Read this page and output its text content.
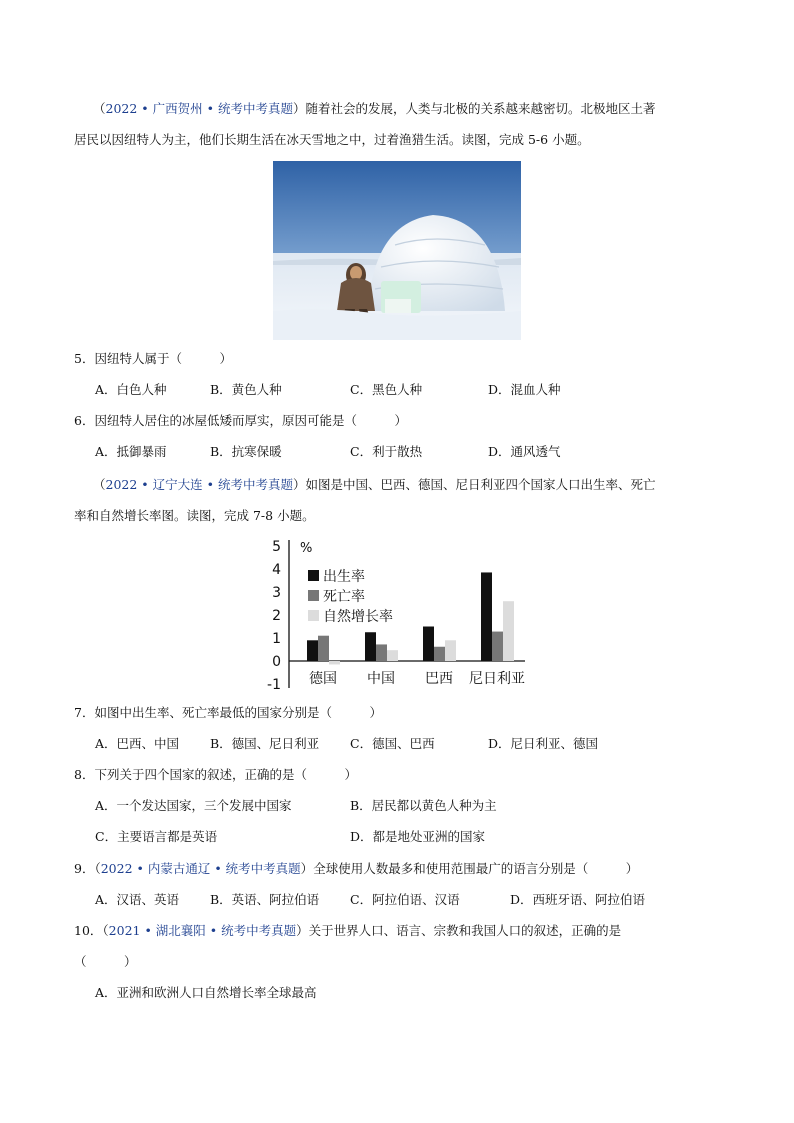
（2022 • 广西贺州 • 统考中考真题）随着社会的发展，人类与北极的关系越来越密切。北极地区土著
居民以因纽特人为主，他们长期生活在冰天雪地之中，过着渔猎生活。读图，完成 5-6 小题。
5．因纽特人属于（　　　）
A．白色人种	B．黄色人种	C．黑色人种	D．混血人种
6．因纽特人居住的冰屋低矮而厚实，原因可能是（　　　）
A．抵御暴雨	B．抗寒保暖	C．利于散热	D．通风透气
（2022 • 辽宁大连 • 统考中考真题）如图是中国、巴西、德国、尼日利亚四个国家人口出生率、死亡
率和自然增长率图。读图，完成 7-8 小题。
5
4
3
2
1
0
-1
%
德国 中国 巴西 尼日利亚
出生率
死亡率
自然增长率
7．如图中出生率、死亡率最低的国家分别是（　　　）
A．巴西、中国 B．德国、尼日利亚 C．德国、巴西	D．尼日利亚、德国
8．下列关于四个国家的叙述，正确的是（　　　）
A．一个发达国家，三个发展中国家	B．居民都以黄色人种为主
C．主要语言都是英语	D．都是地处亚洲的国家
9．（2022 • 内蒙古通辽 • 统考中考真题）全球使用人数最多和使用范围最广的语言分别是（　　　）
A．汉语、英语 B．英语、阿拉伯语 C．阿拉伯语、汉语	D．西班牙语、阿拉伯语
10．（2021 • 湖北襄阳 • 统考中考真题）关于世界人口、语言、宗教和我国人口的叙述，正确的是
（　　　）
A．亚洲和欧洲人口自然增长率全球最高
